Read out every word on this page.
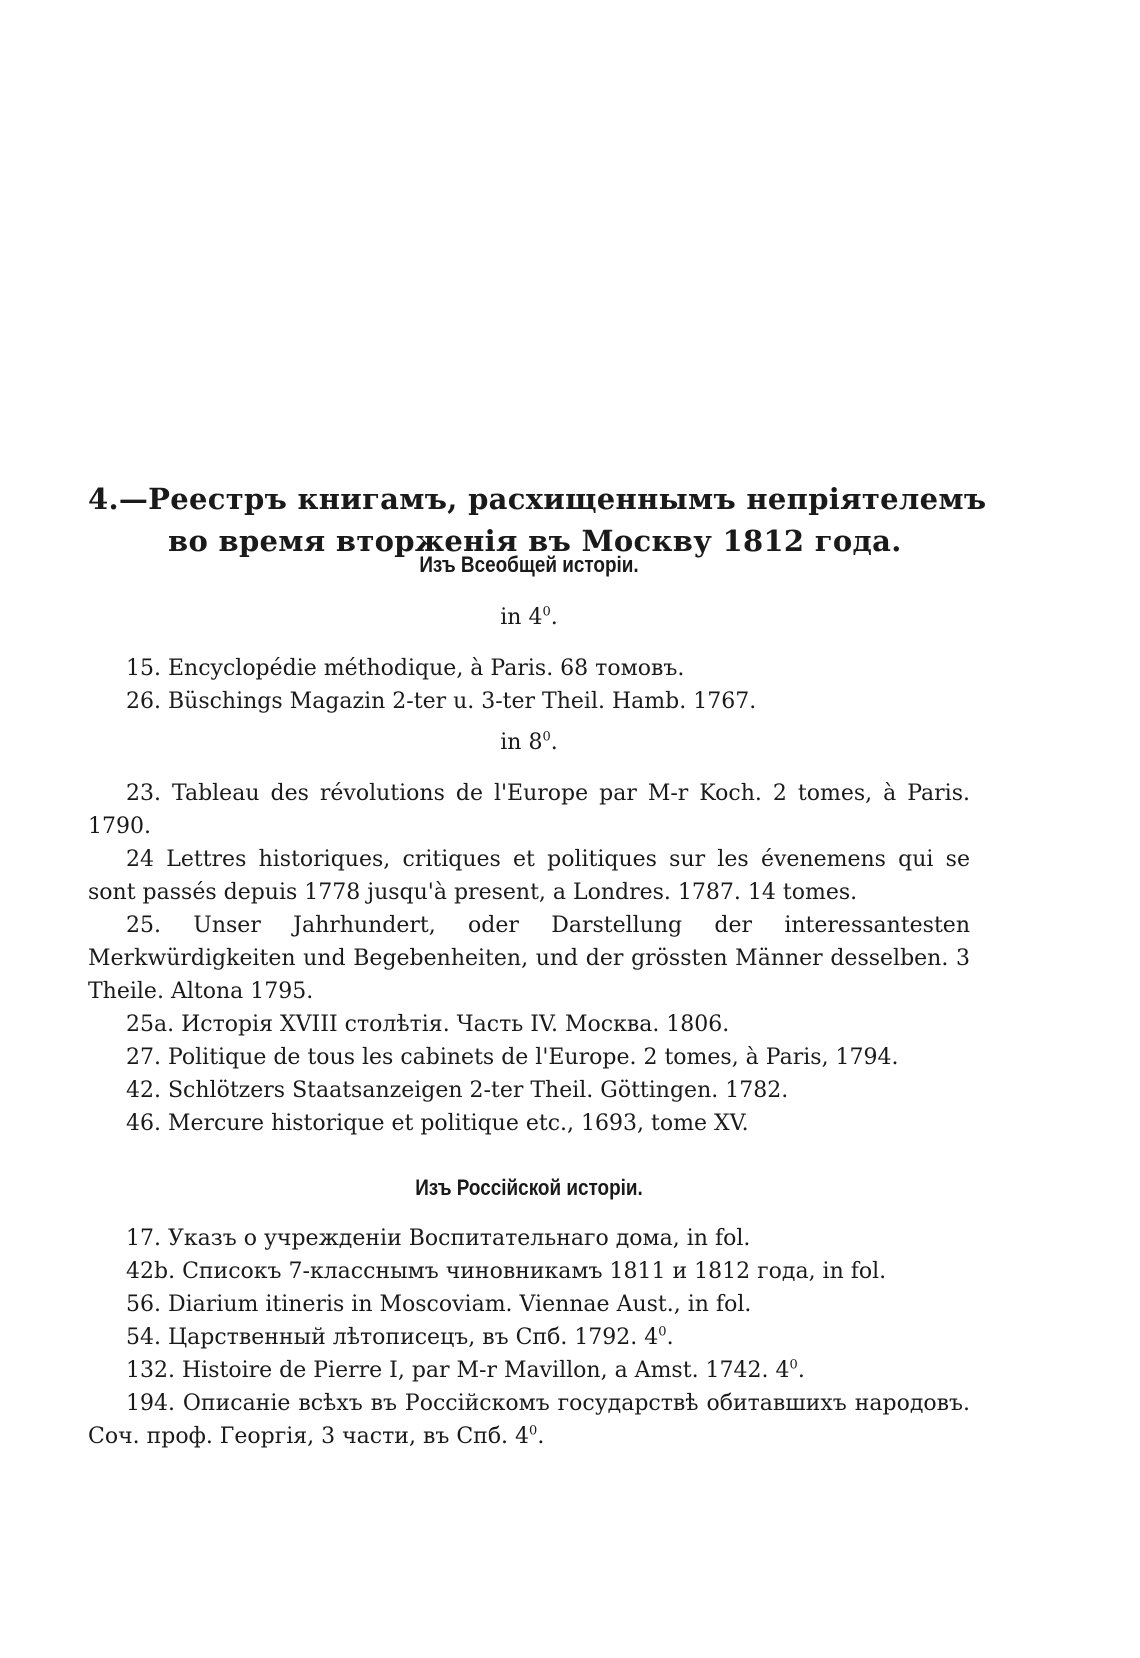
4.—Реестръ книгамъ, расхищеннымъ непріятелемъ
во время вторженія въ Москву 1812 года.
Изъ Всеобщей исторіи.
in $4^0$.
15. Encyclopédie méthodique, à Paris. 68 томовъ.
26. Büschings Magazin 2-ter u. 3-ter Theil. Hamb. 1767.
in $8^0$.
23. Tableau des révolutions de l'Europe par M-r Koch. 2 tomes, à Paris. 1790.
24 Lettres historiques, critiques et politiques sur les évenemens qui se sont passés depuis 1778 jusqu'à present, a Londres. 1787. 14 tomes.
25. Unser Jahrhundert, oder Darstellung der interessantesten Merkwürdigkeiten und Begebenheiten, und der grössten Männer desselben. 3 Theile. Altona 1795.
25a. Исторія XVIII столѣтія. Часть IV. Москва. 1806.
27. Politique de tous les cabinets de l'Europe. 2 tomes, à Paris, 1794.
42. Schlötzers Staatsanzeigen 2-ter Theil. Göttingen. 1782.
46. Mercure historique et politique etc., 1693, tome XV.
Изъ Россійской исторіи.
17. Указъ о учрежденіи Воспитательнаго дома, in fol.
42b. Списокъ 7-класснымъ чиновникамъ 1811 и 1812 года, in fol.
56. Diarium itineris in Moscoviam. Viennae Aust., in fol.
54. Царственный лѣтописецъ, въ Спб. 1792. $4^0$.
132. Histoire de Pierre I, par M-r Mavillon, a Amst. 1742. $4^0$.
194. Описаніе всѣхъ въ Россійскомъ государствѣ обитавшихъ народовъ. Соч. проф. Георгія, 3 части, въ Спб. $4^0$.
